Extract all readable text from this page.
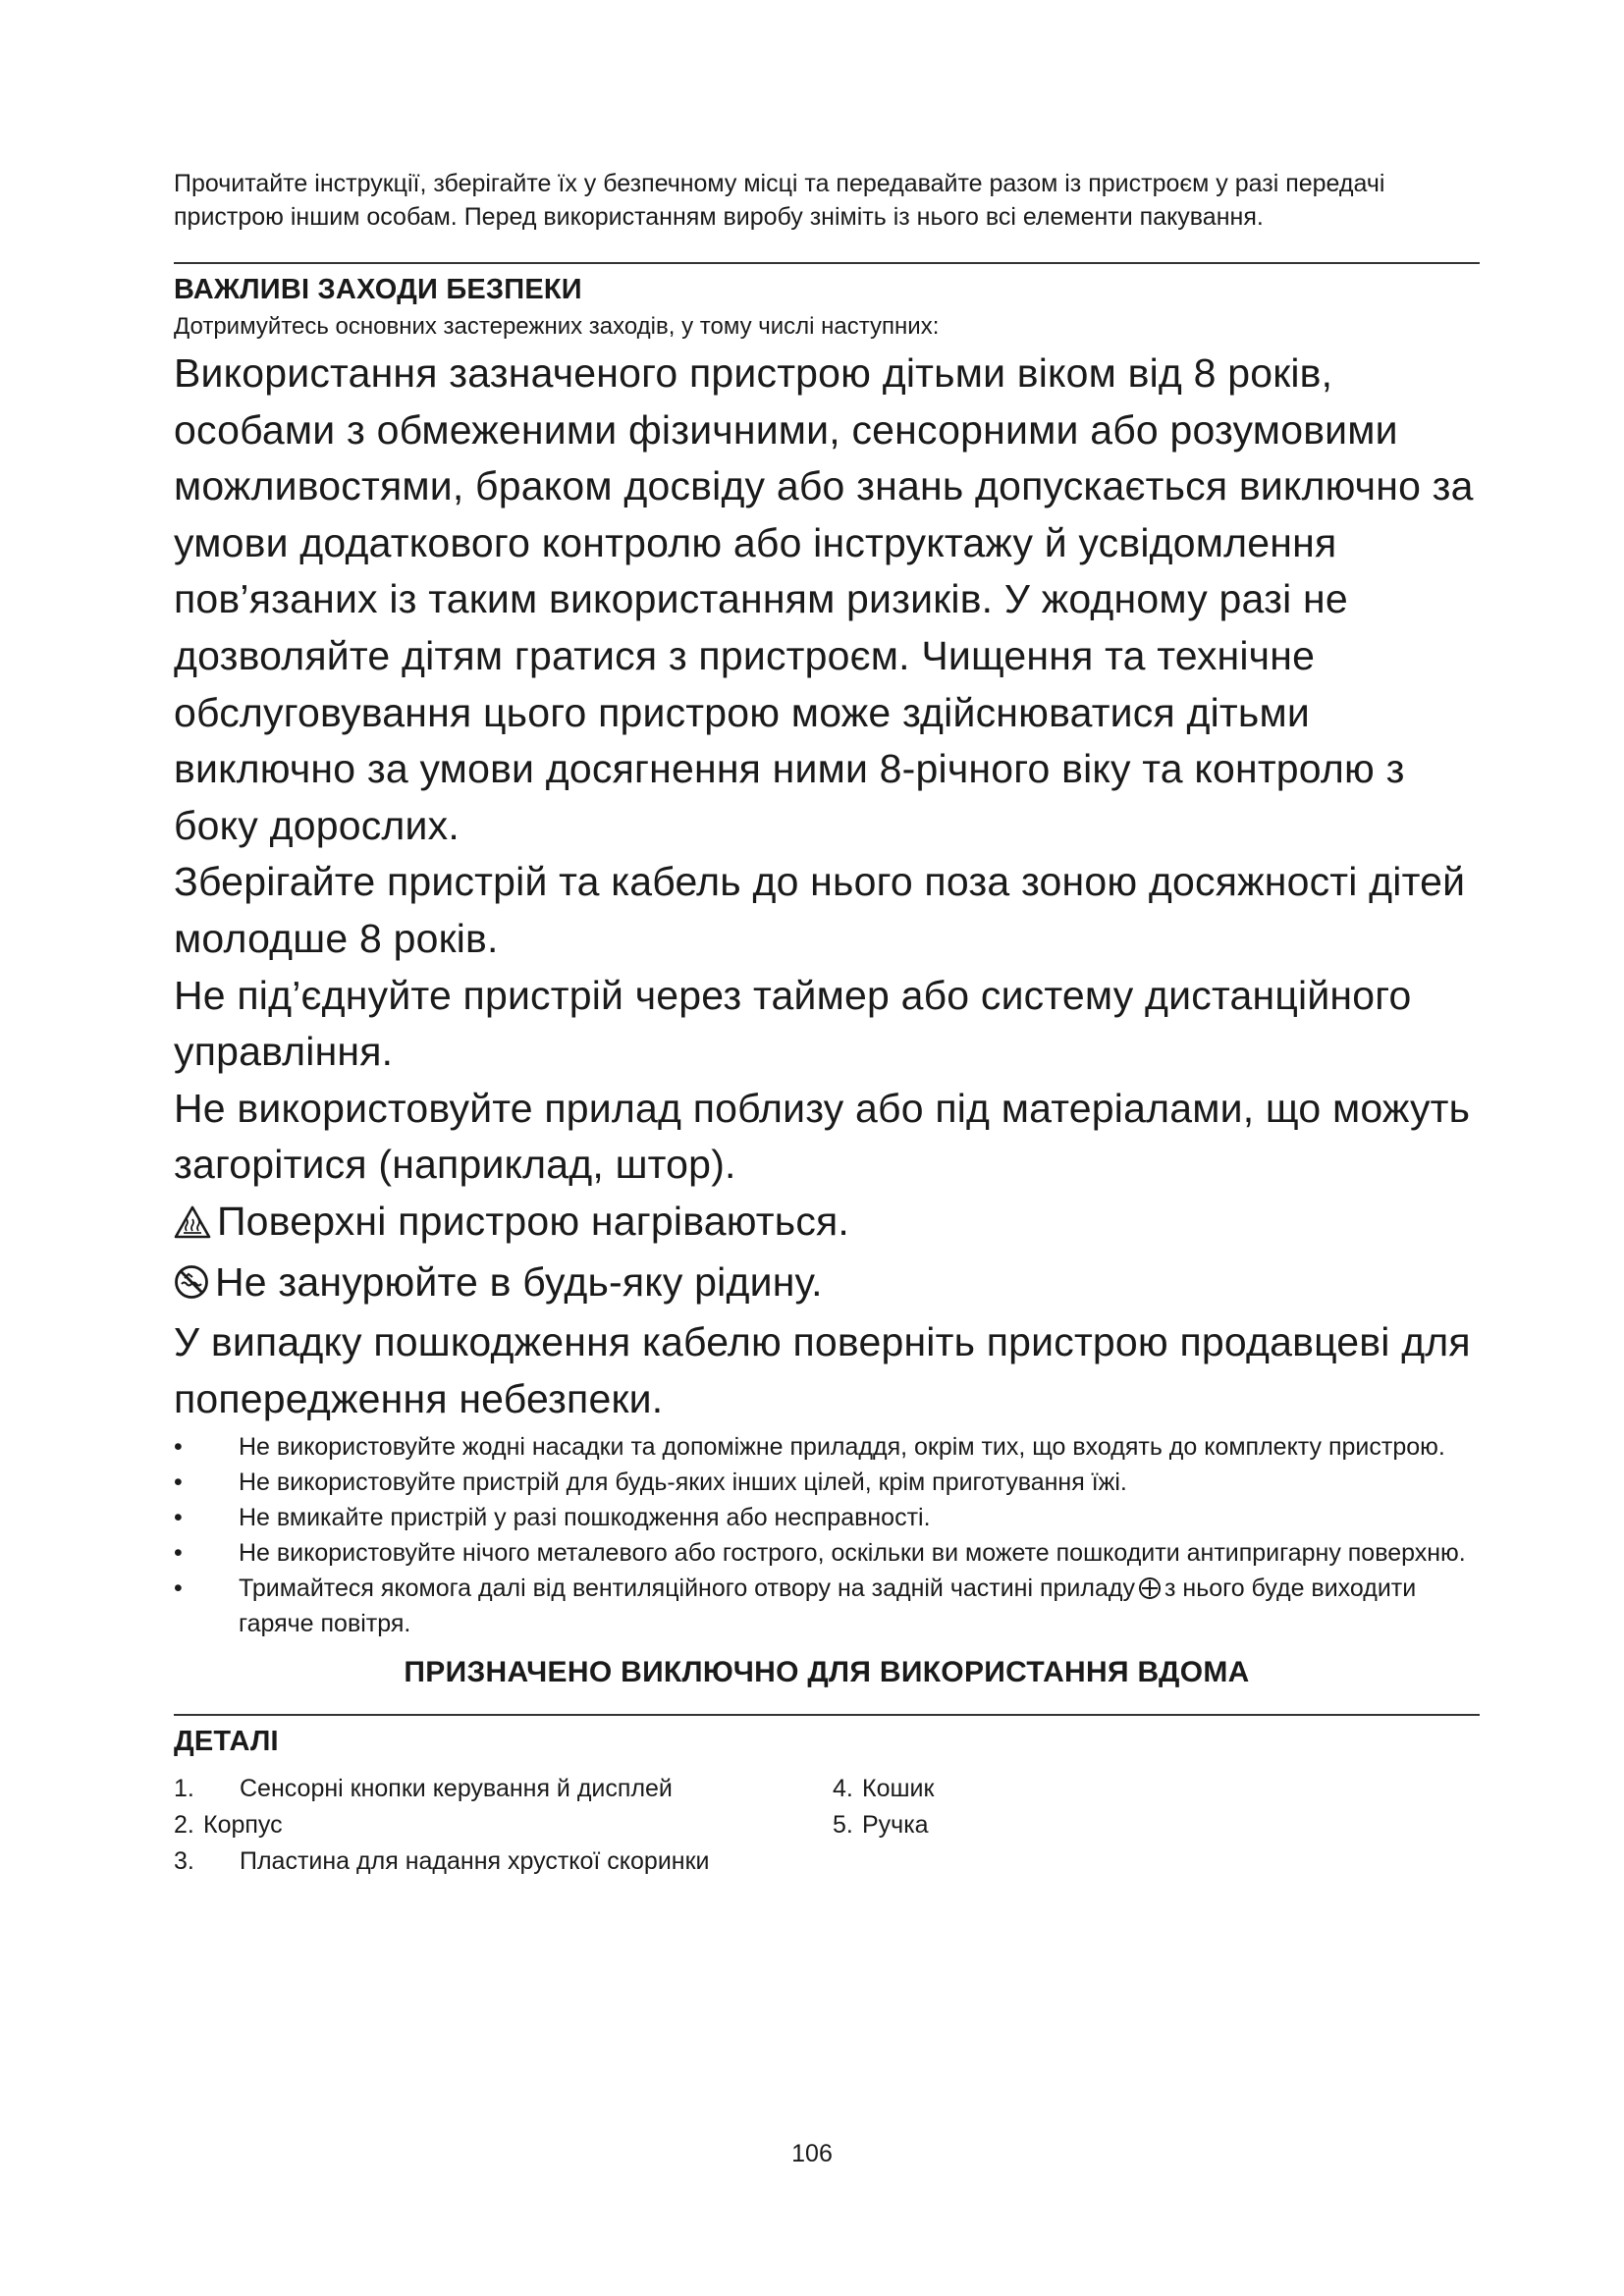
Прочитайте інструкції, зберігайте їх у безпечному місці та передавайте разом із пристроєм у разі передачі пристрою іншим особам. Перед використанням виробу зніміть із нього всі елементи пакування.

ВАЖЛИВІ ЗАХОДИ БЕЗПЕКИ

Дотримуйтесь основних застережних заходів, у тому числі наступних:

Використання зазначеного пристрою дітьми віком від 8 років, особами з обмеженими фізичними, сенсорними або розумовими можливостями, браком досвіду або знань допускається виключно за умови додаткового контролю або інструктажу й усвідомлення пов’язаних із таким використанням ризиків. У жодному разі не дозволяйте дітям гратися з пристроєм. Чищення та технічне обслуговування цього пристрою може здійснюватися дітьми виключно за умови досягнення ними 8-річного віку та контролю з боку дорослих.

Зберігайте пристрій та кабель до нього поза зоною досяжності дітей молодше 8 років.

Не під’єднуйте пристрій через таймер або систему дистанційного управління.

Не використовуйте прилад поблизу або під матеріалами, що можуть загорітися (наприклад, штор).

Поверхні пристрою нагріваються.

Не занурюйте в будь-яку рідину.

У випадку пошкодження кабелю поверніть пристрою продавцеві для попередження небезпеки.

• Не використовуйте жодні насадки та допоміжне приладдя, окрім тих, що входять до комплекту пристрою.
• Не використовуйте пристрій для будь-яких інших цілей, крім приготування їжі.
• Не вмикайте пристрій у разі пошкодження або несправності.
• Не використовуйте нічого металевого або гострого, оскільки ви можете пошкодити антипригарну поверхню.
• Тримайтеся якомога далі від вентиляційного отвору на задній частині приладу з нього буде виходити гаряче повітря.

ПРИЗНАЧЕНО ВИКЛЮЧНО ДЛЯ ВИКОРИСТАННЯ ВДОМА

ДЕТАЛІ
1. Сенсорні кнопки керування й дисплей
2. Корпус
3. Пластина для надання хрусткої скоринки
4. Кошик
5. Ручка
106
